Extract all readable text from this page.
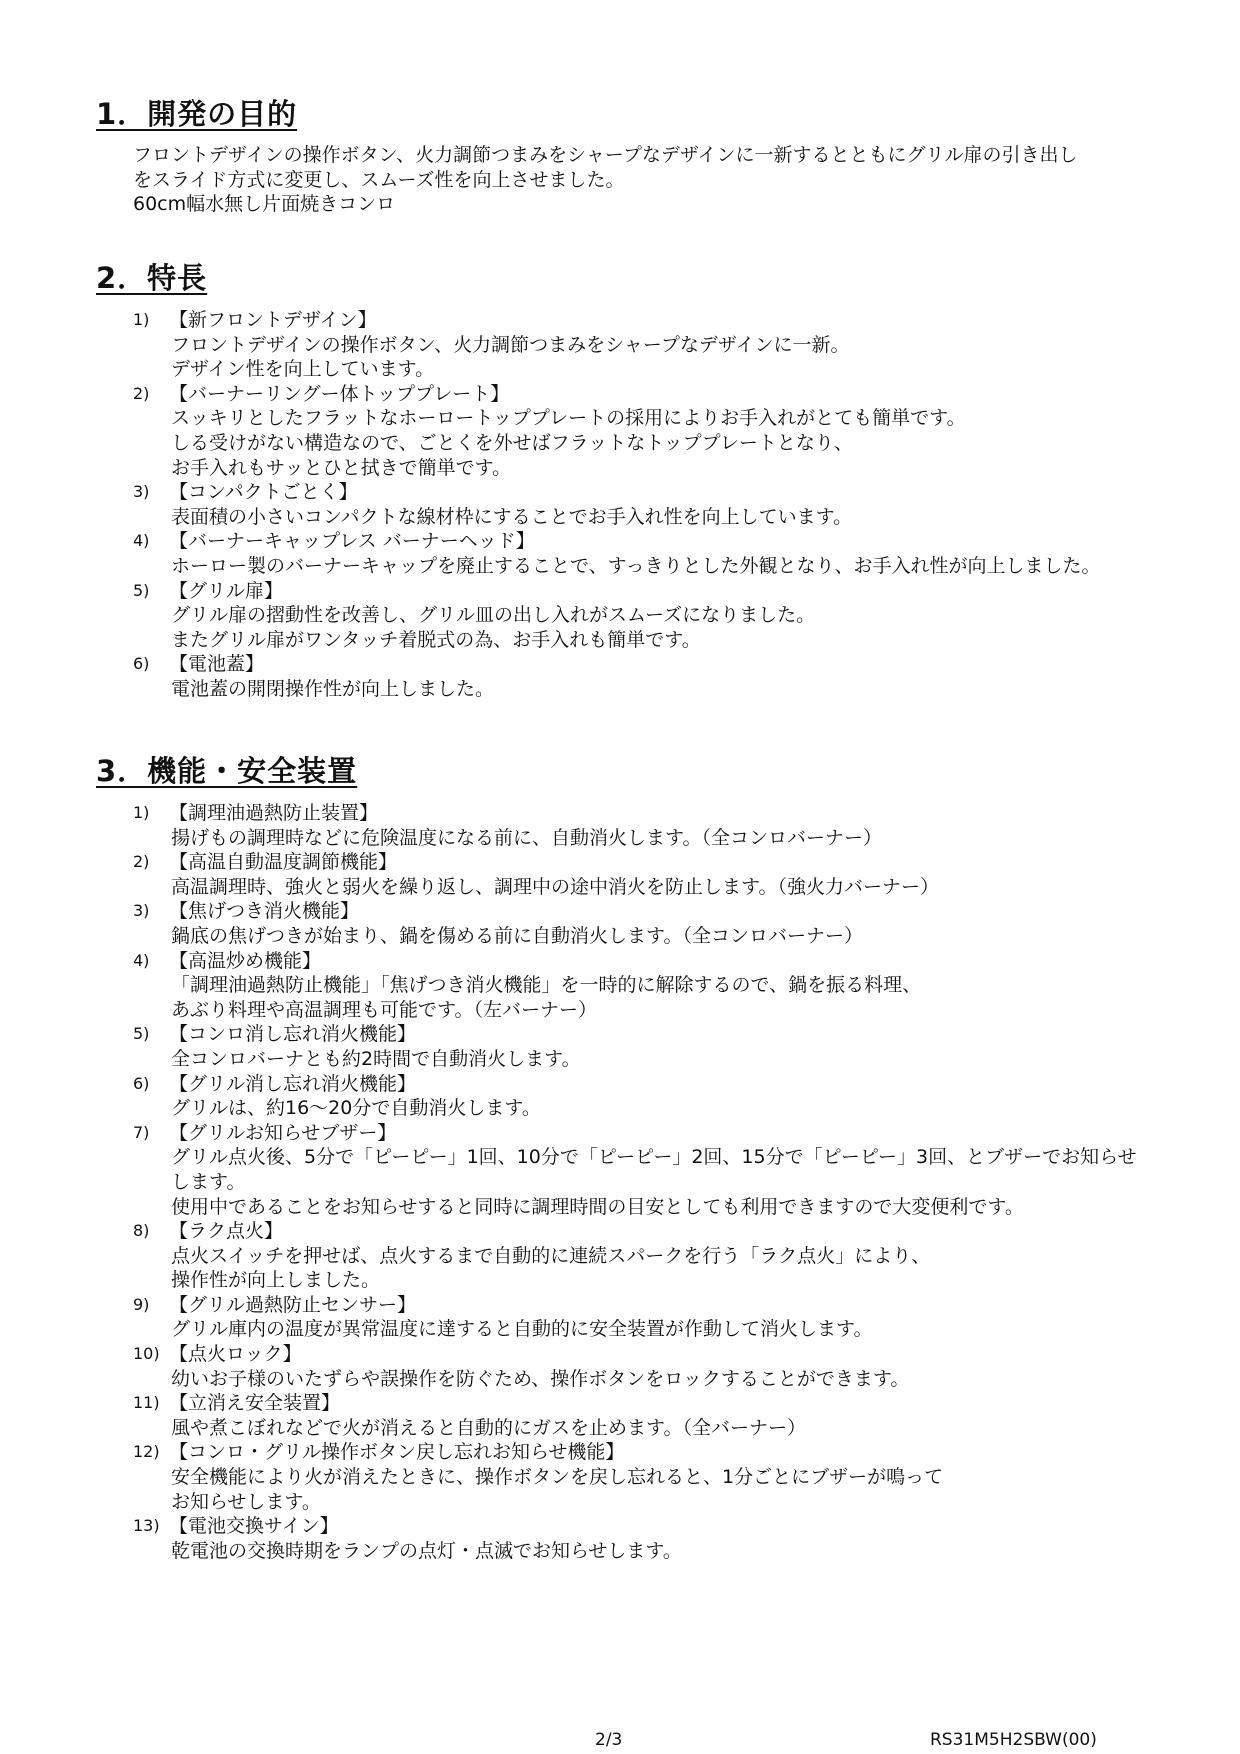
1．開発の目的
フロントデザインの操作ボタン、火力調節つまみをシャープなデザインに一新するとともにグリル扉の引き出し
をスライド方式に変更し、スムーズ性を向上させました。
60cm幅水無し片面焼きコンロ
2．特長
1)	【新フロントデザイン】
フロントデザインの操作ボタン、火力調節つまみをシャープなデザインに一新。
デザイン性を向上しています。
2)	【バーナーリングー体トッププレート】
スッキリとしたフラットなホーロートッププレートの採用によりお手入れがとても簡単です。
しる受けがない構造なので、ごとくを外せばフラットなトッププレートとなり、
お手入れもサッとひと拭きで簡単です。
3)	【コンパクトごとく】
表面積の小さいコンパクトな線材枠にすることでお手入れ性を向上しています。
4)	【バーナーキャップレス バーナーヘッド】
ホーロー製のバーナーキャップを廃止することで、すっきりとした外観となり、お手入れ性が向上しました。
5)	【グリル扉】
グリル扉の摺動性を改善し、グリル皿の出し入れがスムーズになりました。
またグリル扉がワンタッチ着脱式の為、お手入れも簡単です。
6)	【電池蓋】
電池蓋の開閉操作性が向上しました。
3．機能・安全装置
1)	【調理油過熱防止装置】
揚げもの調理時などに危険温度になる前に、自動消火します。（全コンロバーナー）
2)	【高温自動温度調節機能】
高温調理時、強火と弱火を繰り返し、調理中の途中消火を防止します。（強火力バーナー）
3)	【焦げつき消火機能】
鍋底の焦げつきが始まり、鍋を傷める前に自動消火します。（全コンロバーナー）
4)	【高温炒め機能】
「調理油過熱防止機能」「焦げつき消火機能」を一時的に解除するので、鍋を振る料理、
あぶり料理や高温調理も可能です。（左バーナー）
5)	【コンロ消し忘れ消火機能】
全コンロバーナとも約2時間で自動消火します。
6)	【グリル消し忘れ消火機能】
グリルは、約16～20分で自動消火します。
7)	【グリルお知らせブザー】
グリル点火後、5分で「ピーピー」1回、10分で「ピーピー」2回、15分で「ピーピー」3回、とブザーでお知らせ
します。
使用中であることをお知らせすると同時に調理時間の目安としても利用できますので大変便利です。
8)	【ラク点火】
点火スイッチを押せば、点火するまで自動的に連続スパークを行う「ラク点火」により、
操作性が向上しました。
9)	【グリル過熱防止センサー】
グリル庫内の温度が異常温度に達すると自動的に安全装置が作動して消火します。
10) 【点火ロック】
幼いお子様のいたずらや誤操作を防ぐため、操作ボタンをロックすることができます。
11) 【立消え安全装置】
風や煮こぼれなどで火が消えると自動的にガスを止めます。（全バーナー）
12) 【コンロ・グリル操作ボタン戻し忘れお知らせ機能】
安全機能により火が消えたときに、操作ボタンを戻し忘れると、1分ごとにブザーが鳴って
お知らせします。
13) 【電池交換サイン】
乾電池の交換時期をランプの点灯・点滅でお知らせします。
2/3	RS31M5H2SBW(00)
